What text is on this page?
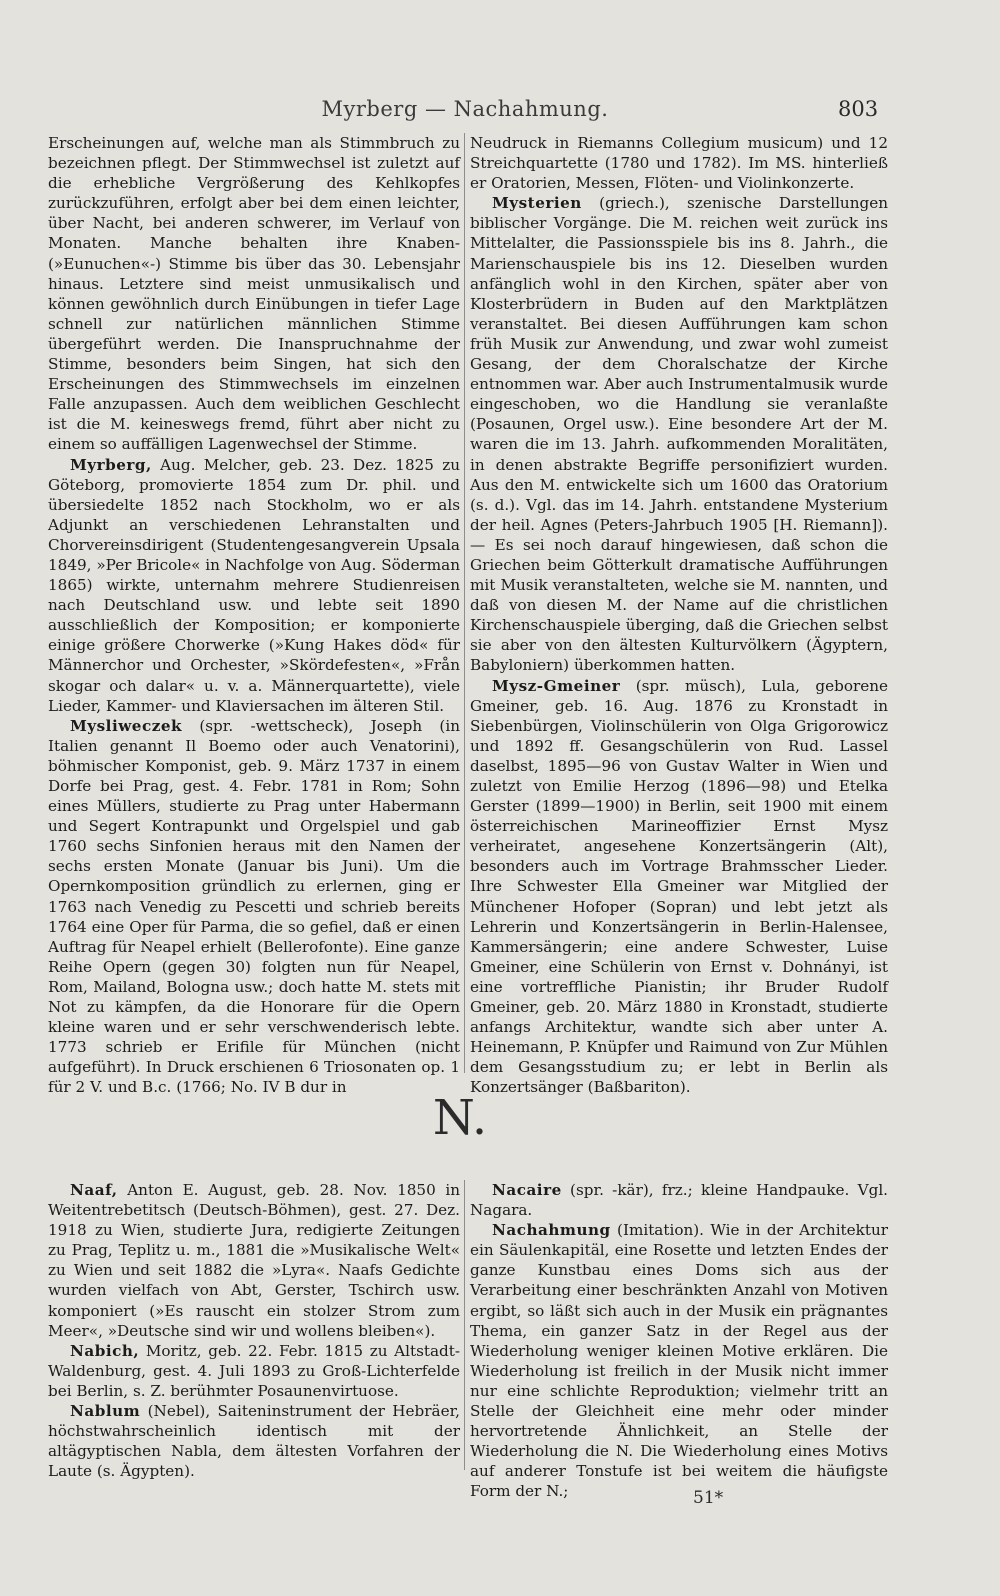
Myrberg — Nachahmung.	803

Erscheinungen auf, welche man als Stimmbruch zu bezeichnen pflegt. Der Stimmwechsel ist zuletzt auf die erhebliche Vergrößerung des Kehlkopfes zurückzuführen, erfolgt aber bei dem einen leichter, über Nacht, bei anderen schwerer, im Verlauf von Monaten. Manche behalten ihre Knaben- (»Eunuchen«-) Stimme bis über das 30. Lebensjahr hinaus. Letztere sind meist unmusikalisch und können gewöhnlich durch Einübungen in tiefer Lage schnell zur natürlichen männlichen Stimme übergeführt werden. Die Inanspruchnahme der Stimme, besonders beim Singen, hat sich den Erscheinungen des Stimmwechsels im einzelnen Falle anzupassen. Auch dem weiblichen Geschlecht ist die M. keineswegs fremd, führt aber nicht zu einem so auffälligen Lagenwechsel der Stimme.

Myrberg, Aug. Melcher, geb. 23. Dez. 1825 zu Göteborg, promovierte 1854 zum Dr. phil. und übersiedelte 1852 nach Stockholm, wo er als Adjunkt an verschiedenen Lehranstalten und Chorvereinsdirigent (Studentengesangverein Upsala 1849, »Per Bricole« in Nachfolge von Aug. Söderman 1865) wirkte, unternahm mehrere Studienreisen nach Deutschland usw. und lebte seit 1890 ausschließlich der Komposition; er komponierte einige größere Chorwerke (»Kung Hakes död« für Männerchor und Orchester, »Skördefesten«, »Från skogar och dalar« u. v. a. Männerquartette), viele Lieder, Kammer- und Klaviersachen im älteren Stil.

Mysliweczek (spr. -wettscheck), Joseph (in Italien genannt Il Boemo oder auch Venatorini), böhmischer Komponist, geb. 9. März 1737 in einem Dorfe bei Prag, gest. 4. Febr. 1781 in Rom; Sohn eines Müllers, studierte zu Prag unter Habermann und Segert Kontrapunkt und Orgelspiel und gab 1760 sechs Sinfonien heraus mit den Namen der sechs ersten Monate (Januar bis Juni). Um die Opernkomposition gründlich zu erlernen, ging er 1763 nach Venedig zu Pescetti und schrieb bereits 1764 eine Oper für Parma, die so gefiel, daß er einen Auftrag für Neapel erhielt (Bellerofonte). Eine ganze Reihe Opern (gegen 30) folgten nun für Neapel, Rom, Mailand, Bologna usw.; doch hatte M. stets mit Not zu kämpfen, da die Honorare für die Opern kleine waren und er sehr verschwenderisch lebte. 1773 schrieb er Erifile für München (nicht aufgeführt). In Druck erschienen 6 Triosonaten op. 1 für 2 V. und B.c. (1766; No. IV B dur in

Neudruck in Riemanns Collegium musicum) und 12 Streichquartette (1780 und 1782). Im MS. hinterließ er Oratorien, Messen, Flöten- und Violinkonzerte.

Mysterien (griech.), szenische Darstellungen biblischer Vorgänge. Die M. reichen weit zurück ins Mittelalter, die Passionsspiele bis ins 8. Jahrh., die Marienschauspiele bis ins 12. Dieselben wurden anfänglich wohl in den Kirchen, später aber von Klosterbrüdern in Buden auf den Marktplätzen veranstaltet. Bei diesen Aufführungen kam schon früh Musik zur Anwendung, und zwar wohl zumeist Gesang, der dem Choralschatze der Kirche entnommen war. Aber auch Instrumentalmusik wurde eingeschoben, wo die Handlung sie veranlaßte (Posaunen, Orgel usw.). Eine besondere Art der M. waren die im 13. Jahrh. aufkommenden Moralitäten, in denen abstrakte Begriffe personifiziert wurden. Aus den M. entwickelte sich um 1600 das Oratorium (s. d.). Vgl. das im 14. Jahrh. entstandene Mysterium der heil. Agnes (Peters-Jahrbuch 1905 [H. Riemann]). — Es sei noch darauf hingewiesen, daß schon die Griechen beim Götterkult dramatische Aufführungen mit Musik veranstalteten, welche sie M. nannten, und daß von diesen M. der Name auf die christlichen Kirchenschauspiele überging, daß die Griechen selbst sie aber von den ältesten Kulturvölkern (Ägyptern, Babyloniern) überkommen hatten.

Mysz-Gmeiner (spr. müsch), Lula, geborene Gmeiner, geb. 16. Aug. 1876 zu Kronstadt in Siebenbürgen, Violinschülerin von Olga Grigorowicz und 1892 ff. Gesangschülerin von Rud. Lassel daselbst, 1895—96 von Gustav Walter in Wien und zuletzt von Emilie Herzog (1896—98) und Etelka Gerster (1899—1900) in Berlin, seit 1900 mit einem österreichischen Marineoffizier Ernst Mysz verheiratet, angesehene Konzertsängerin (Alt), besonders auch im Vortrage Brahmsscher Lieder. Ihre Schwester Ella Gmeiner war Mitglied der Münchener Hofoper (Sopran) und lebt jetzt als Lehrerin und Konzertsängerin in Berlin-Halensee, Kammersängerin; eine andere Schwester, Luise Gmeiner, eine Schülerin von Ernst v. Dohnányi, ist eine vortreffliche Pianistin; ihr Bruder Rudolf Gmeiner, geb. 20. März 1880 in Kronstadt, studierte anfangs Architektur, wandte sich aber unter A. Heinemann, P. Knüpfer und Raimund von Zur Mühlen dem Gesangsstudium zu; er lebt in Berlin als Konzertsänger (Baßbariton).

N.

Naaf, Anton E. August, geb. 28. Nov. 1850 in Weitentrebetitsch (Deutsch-Böhmen), gest. 27. Dez. 1918 zu Wien, studierte Jura, redigierte Zeitungen zu Prag, Teplitz u. m., 1881 die »Musikalische Welt« zu Wien und seit 1882 die »Lyra«. Naafs Gedichte wurden vielfach von Abt, Gerster, Tschirch usw. komponiert (»Es rauscht ein stolzer Strom zum Meer«, »Deutsche sind wir und wollens bleiben«).

Nabich, Moritz, geb. 22. Febr. 1815 zu Altstadt-Waldenburg, gest. 4. Juli 1893 zu Groß-Lichterfelde bei Berlin, s. Z. berühmter Posaunenvirtuose.

Nablum (Nebel), Saiteninstrument der Hebräer, höchstwahrscheinlich identisch mit der altägyptischen Nabla, dem ältesten Vorfahren der Laute (s. Ägypten).

Nacaire (spr. -kär), frz.; kleine Handpauke. Vgl. Nagara.

Nachahmung (Imitation). Wie in der Architektur ein Säulenkapitäl, eine Rosette und letzten Endes der ganze Kunstbau eines Doms sich aus der Verarbeitung einer beschränkten Anzahl von Motiven ergibt, so läßt sich auch in der Musik ein prägnantes Thema, ein ganzer Satz in der Regel aus der Wiederholung weniger kleinen Motive erklären. Die Wiederholung ist freilich in der Musik nicht immer nur eine schlichte Reproduktion; vielmehr tritt an Stelle der Gleichheit eine mehr oder minder hervortretende Ähnlichkeit, an Stelle der Wiederholung die N. Die Wiederholung eines Motivs auf anderer Tonstufe ist bei weitem die häufigste Form der N.;	51*
